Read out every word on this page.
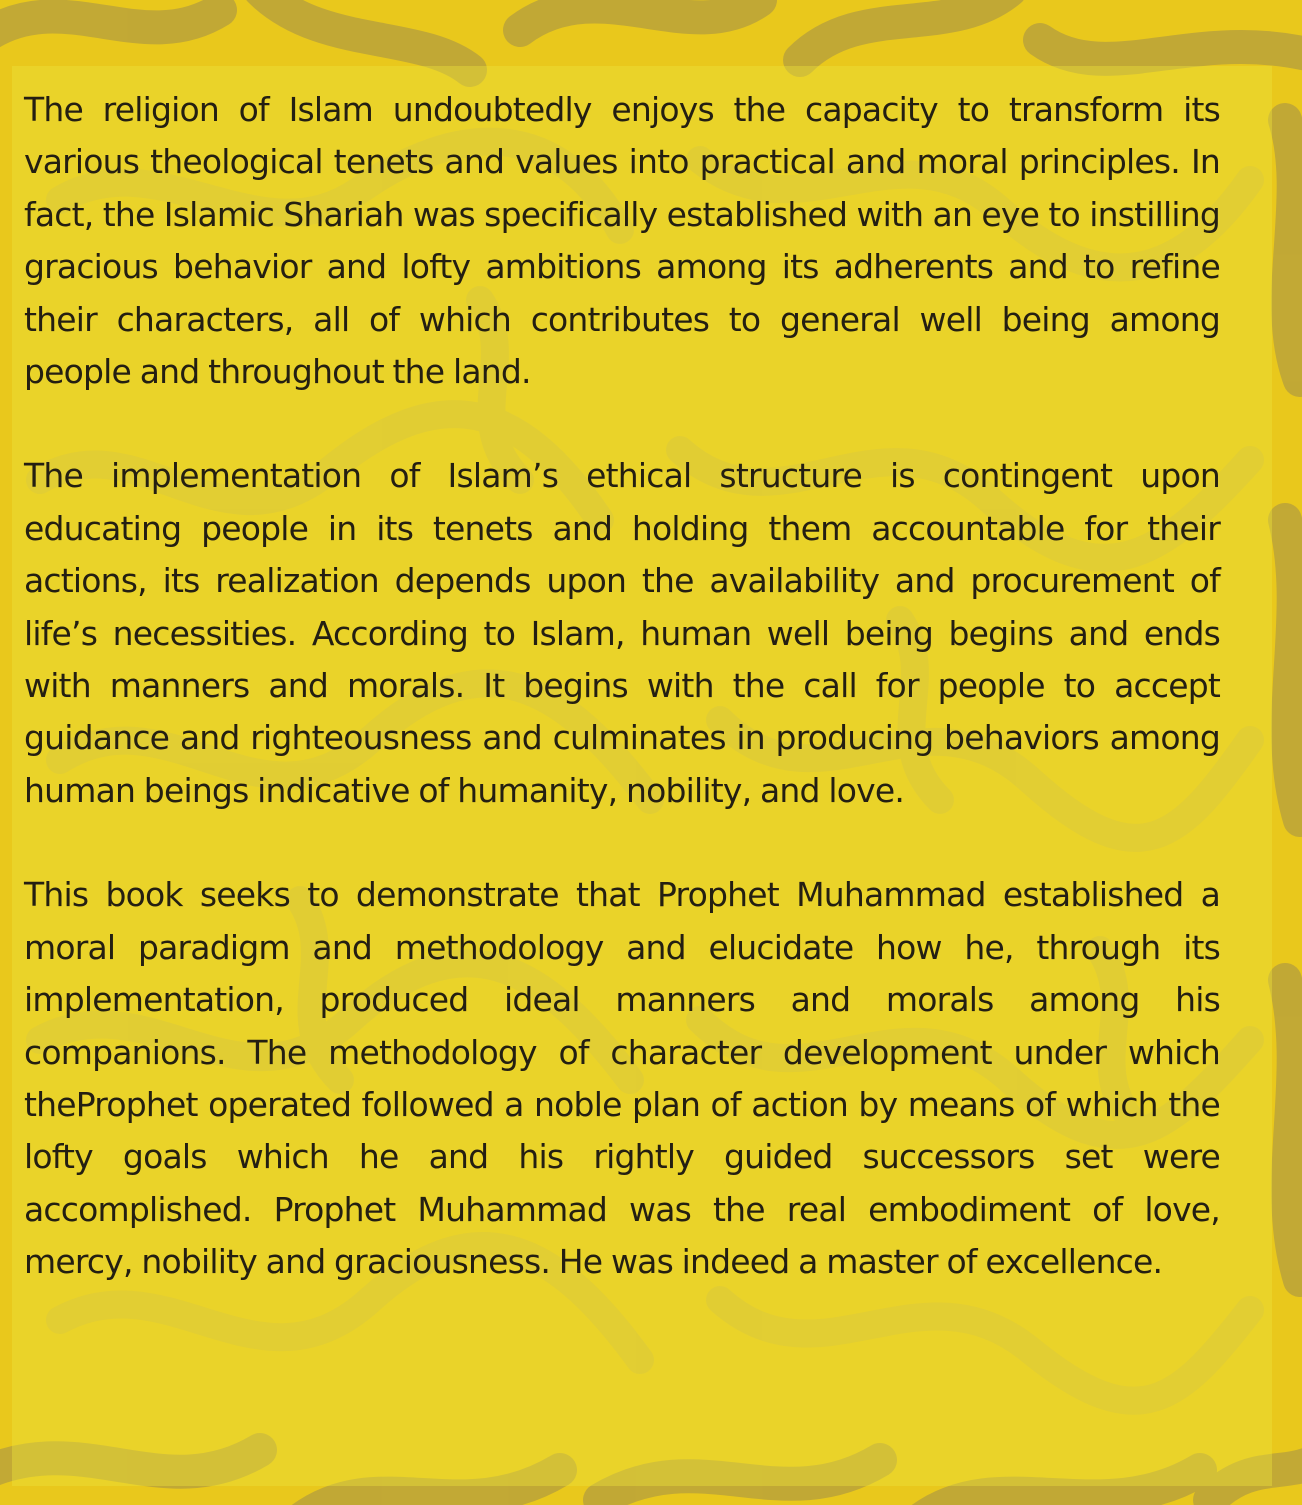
The religion of Islam undoubtedly enjoys the capacity to transform its various theological tenets and values into practical and moral principles. In fact, the Islamic Shariah was specifically established with an eye to instilling gracious behavior and lofty ambitions among its adherents and to refine their characters, all of which contributes to general well being among people and throughout the land.

The implementation of Islam’s ethical structure is contingent upon educating people in its tenets and holding them accountable for their actions, its realization depends upon the availability and procurement of life’s necessities. According to Islam, human well being begins and ends with manners and morals. It begins with the call for people to accept guidance and righteousness and culminates in producing behaviors among human beings indicative of humanity, nobility, and love.

This book seeks to demonstrate that Prophet Muhammad established a moral paradigm and methodology and elucidate how he, through its implementation, produced ideal manners and morals among his companions. The methodology of character development under which theProphet operated followed a noble plan of action by means of which the lofty goals which he and his rightly guided successors set were accomplished. Prophet Muhammad was the real embodiment of love, mercy, nobility and graciousness. He was indeed a master of excellence.
